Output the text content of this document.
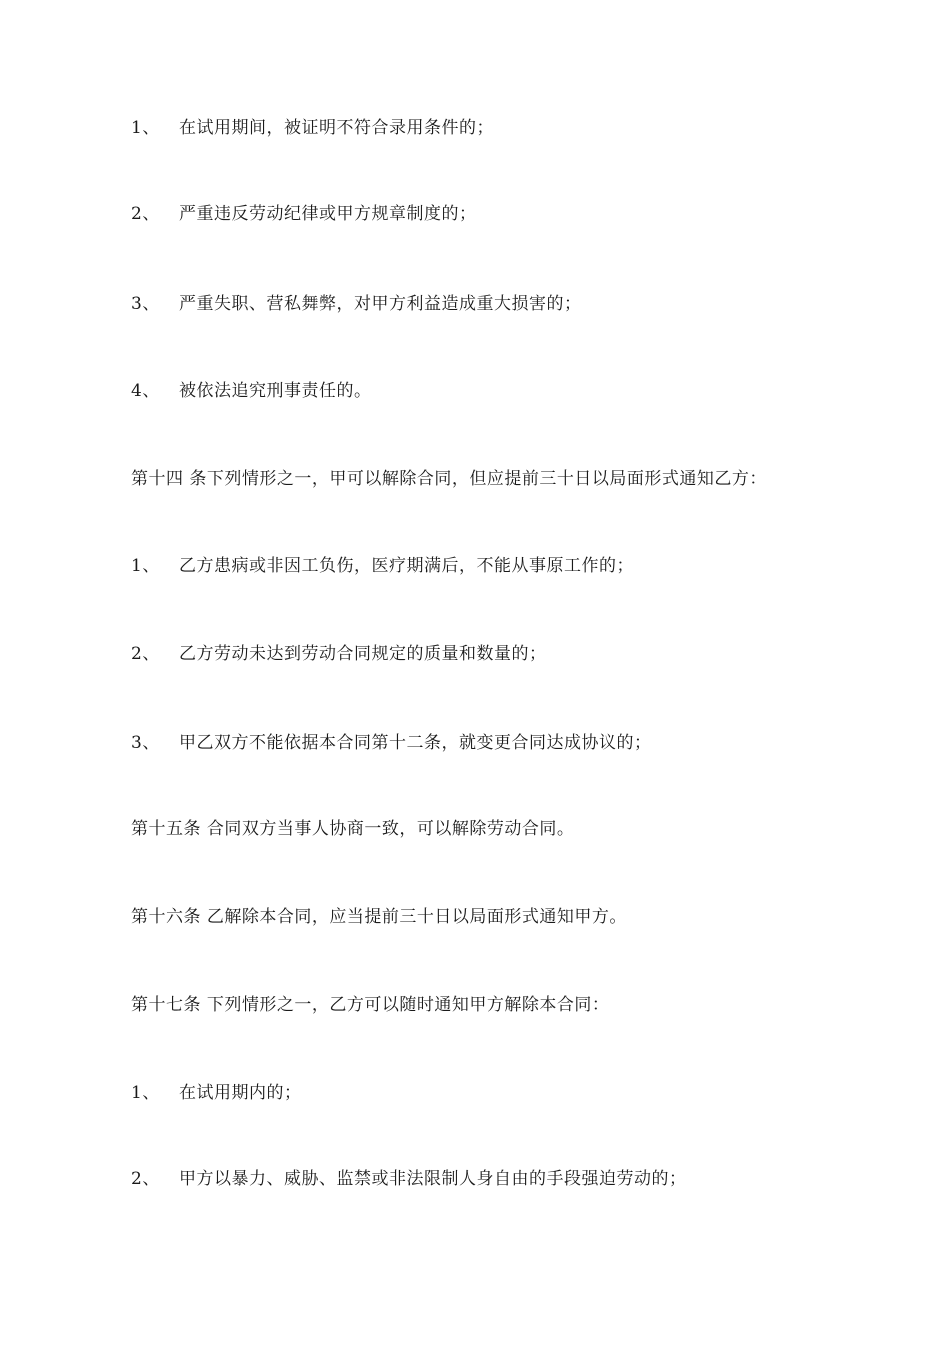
1、 在试用期间，被证明不符合录用条件的；
2、 严重违反劳动纪律或甲方规章制度的；
3、 严重失职、营私舞弊，对甲方利益造成重大损害的；
4、 被依法追究刑事责任的。
第十四 条下列情形之一，甲可以解除合同，但应提前三十日以局面形式通知乙方：
1、 乙方患病或非因工负伤，医疗期满后，不能从事原工作的；
2、 乙方劳动未达到劳动合同规定的质量和数量的；
3、 甲乙双方不能依据本合同第十二条，就变更合同达成协议的；
第十五条 合同双方当事人协商一致，可以解除劳动合同。
第十六条 乙解除本合同，应当提前三十日以局面形式通知甲方。
第十七条 下列情形之一，乙方可以随时通知甲方解除本合同：
1、 在试用期内的；
2、 甲方以暴力、威胁、监禁或非法限制人身自由的手段强迫劳动的；
